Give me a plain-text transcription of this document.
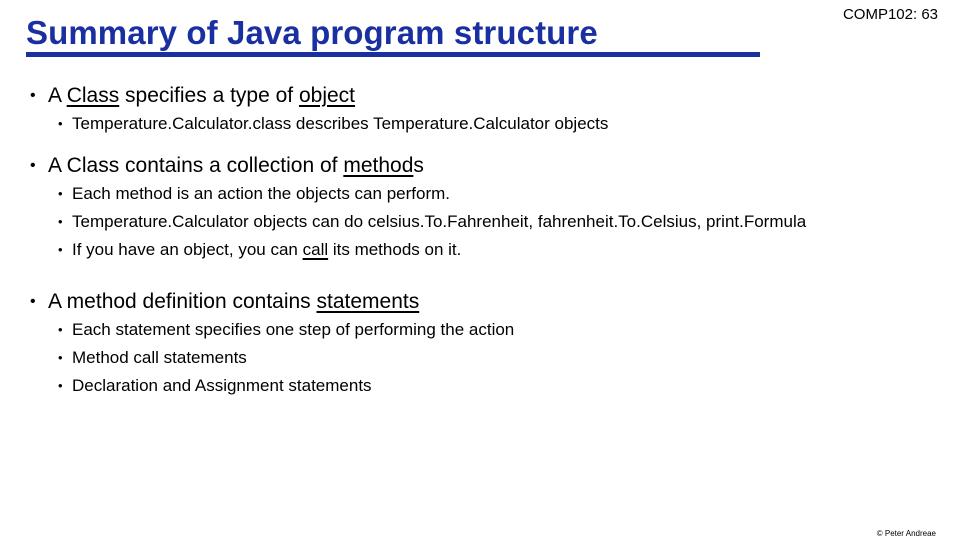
Summary of Java program structure	COMP102: 63
• A Class specifies a type of object
• Temperature.Calculator.class describes Temperature.Calculator objects
• A Class contains a collection of methods
• Each method is an action the objects can perform.
• Temperature.Calculator objects can do celsius.To.Fahrenheit, fahrenheit.To.Celsius, print.Formula
• If you have an object, you can call its methods on it.
• A method definition contains statements
• Each statement specifies one step of performing the action
• Method call statements
• Declaration and Assignment statements
© Peter Andreae
